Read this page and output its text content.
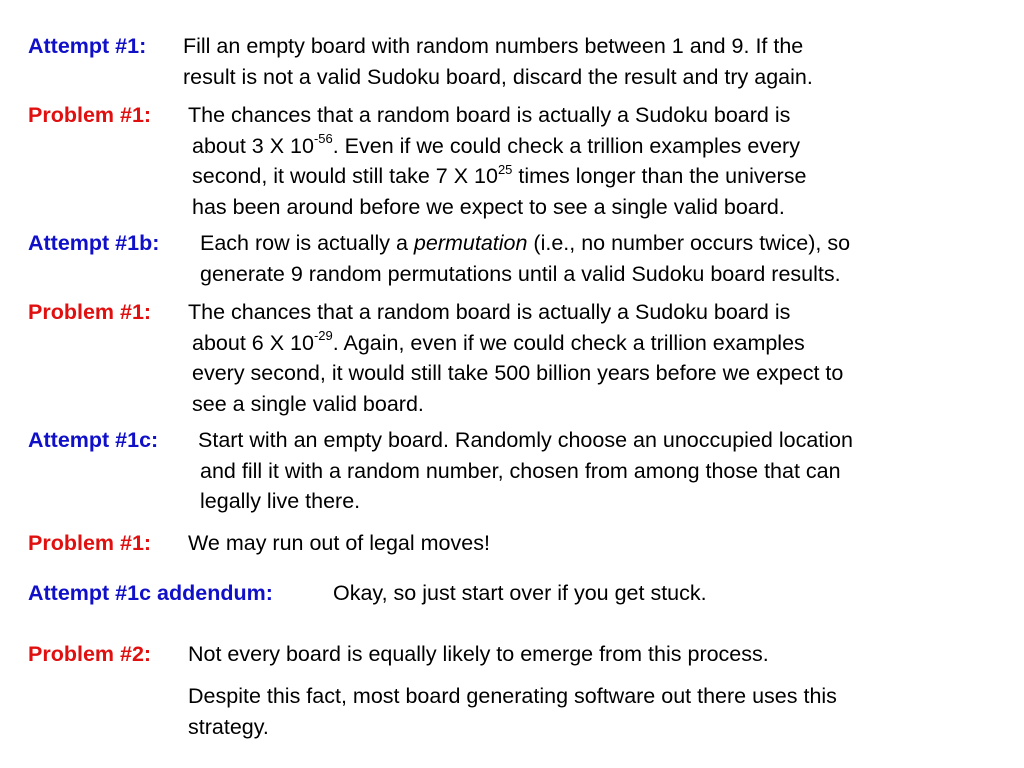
Attempt #1: Fill an empty board with random numbers between 1 and 9. If the
result is not a valid Sudoku board, discard the result and try again.
Problem #1: The chances that a random board is actually a Sudoku board is
about 3 X $10^{-56}$. Even if we could check a trillion examples every
second, it would still take 7 X $10^{25}$ times longer than the universe
has been around before we expect to see a single valid board.
Attempt #1b: Each row is actually a permutation (i.e., no number occurs twice), so
generate 9 random permutations until a valid Sudoku board results.
Problem #1: The chances that a random board is actually a Sudoku board is
about 6 X $10^{-29}$. Again, even if we could check a trillion examples
every second, it would still take 500 billion years before we expect to
see a single valid board.
Attempt #1c: Start with an empty board. Randomly choose an unoccupied location
and fill it with a random number, chosen from among those that can
legally live there.
Problem #1: We may run out of legal moves!
Attempt #1c addendum:	Okay, so just start over if you get stuck.
Problem #2: Not every board is equally likely to emerge from this process.
Despite this fact, most board generating software out there uses this
strategy.
